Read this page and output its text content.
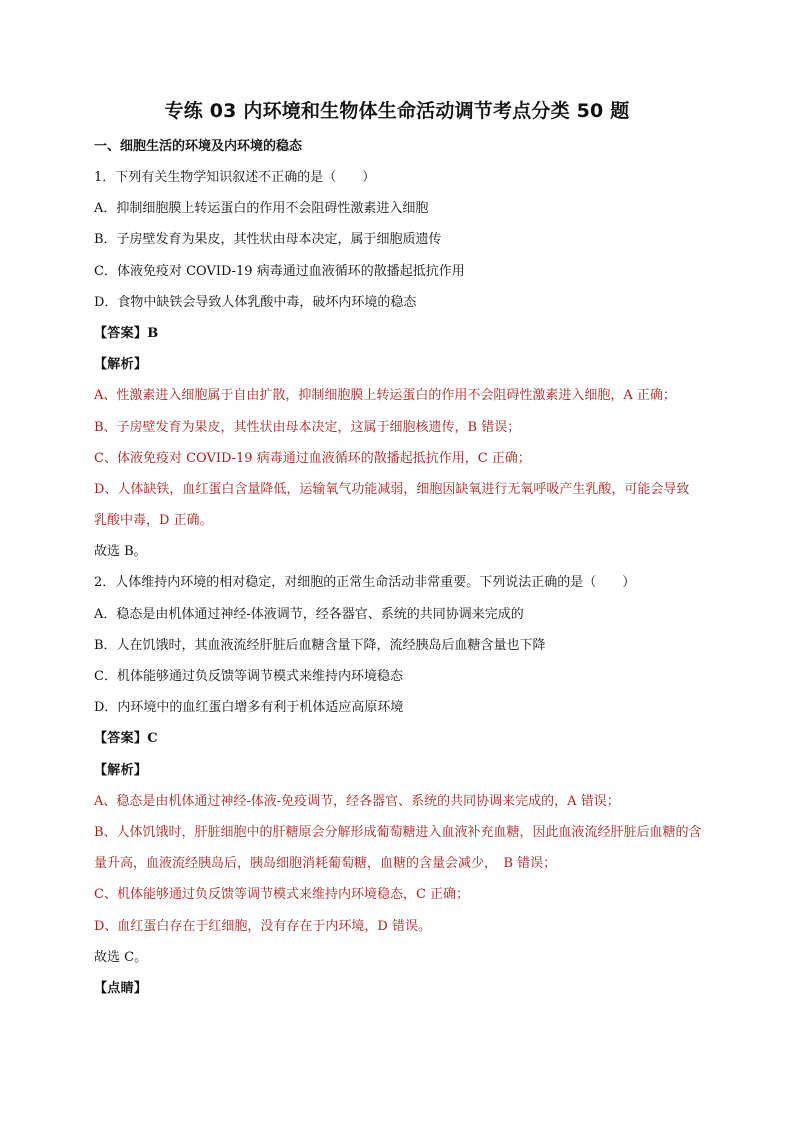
专练 03 内环境和生物体生命活动调节考点分类 50 题
一、细胞生活的环境及内环境的稳态
1．下列有关生物学知识叙述不正确的是（　　）
A．抑制细胞膜上转运蛋白的作用不会阻碍性激素进入细胞
B．子房壁发育为果皮，其性状由母本决定，属于细胞质遗传
C．体液免疫对 COVID-19 病毒通过血液循环的散播起抵抗作用
D．食物中缺铁会导致人体乳酸中毒，破坏内环境的稳态
【答案】B
【解析】
A、性激素进入细胞属于自由扩散，抑制细胞膜上转运蛋白的作用不会阻碍性激素进入细胞，A 正确；
B、子房壁发育为果皮，其性状由母本决定，这属于细胞核遗传，B 错误；
C、体液免疫对 COVID-19 病毒通过血液循环的散播起抵抗作用，C 正确；
D、人体缺铁，血红蛋白含量降低，运输氧气功能减弱，细胞因缺氧进行无氧呼吸产生乳酸，可能会导致乳酸中毒，D 正确。
故选 B。
2．人体维持内环境的相对稳定，对细胞的正常生命活动非常重要。下列说法正确的是（　　）
A．稳态是由机体通过神经-体液调节，经各器官、系统的共同协调来完成的
B．人在饥饿时，其血液流经肝脏后血糖含量下降，流经胰岛后血糖含量也下降
C．机体能够通过负反馈等调节模式来维持内环境稳态
D．内环境中的血红蛋白增多有利于机体适应高原环境
【答案】C
【解析】
A、稳态是由机体通过神经-体液-免疫调节，经各器官、系统的共同协调来完成的，A 错误；
B、人体饥饿时，肝脏细胞中的肝糖原会分解形成葡萄糖进入血液补充血糖，因此血液流经肝脏后血糖的含量升高，血液流经胰岛后，胰岛细胞消耗葡萄糖，血糖的含量会减少，　B 错误；
C、机体能够通过负反馈等调节模式来维持内环境稳态，C 正确；
D、血红蛋白存在于红细胞，没有存在于内环境，D 错误。
故选 C。
【点睛】
